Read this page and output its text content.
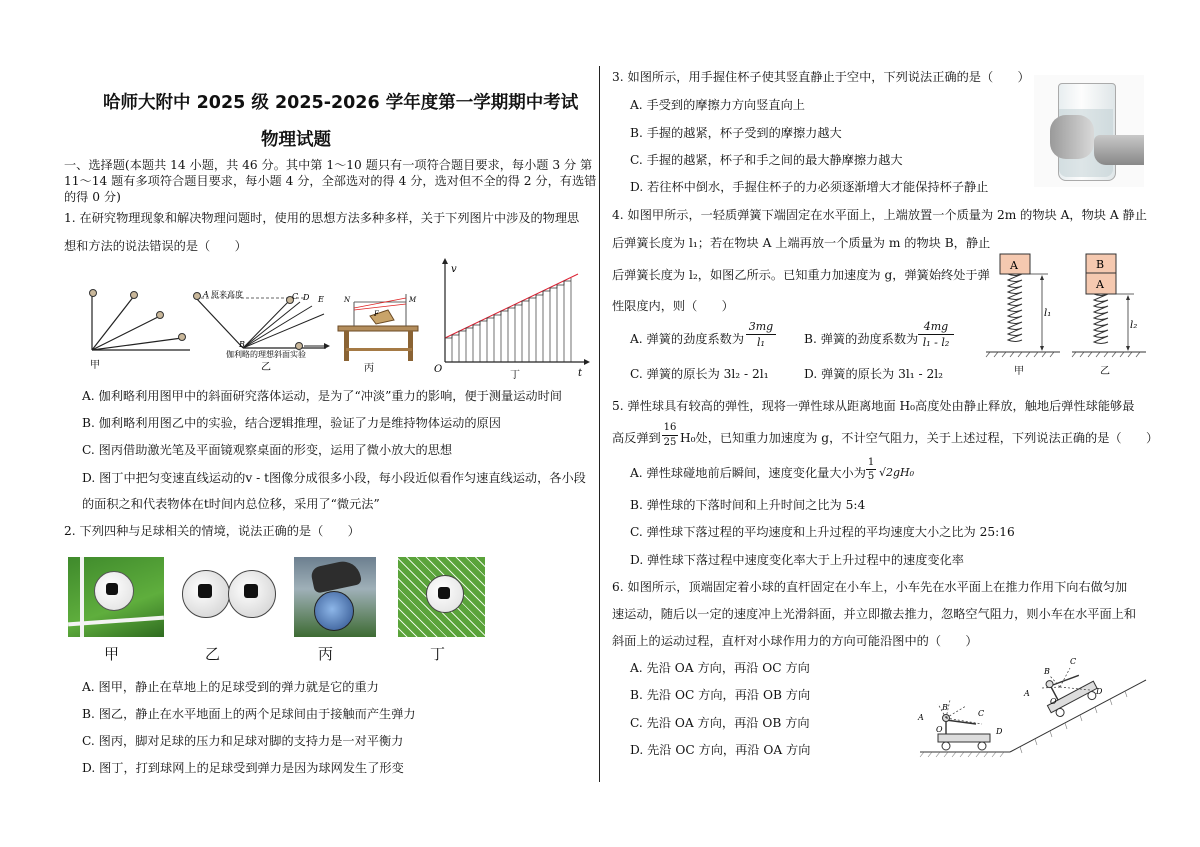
哈师大附中 2025 级 2025-2026 学年度第一学期期中考试
物理试题
一、选择题(本题共 14 小题，共 46 分。其中第 1～10 题只有一项符合题目要求，每小题 3 分 第
11～14 题有多项符合题目要求，每小题 4 分，全部选对的得 4 分，选对但不全的得 2 分，有选错
的得 0 分)
1. 在研究物理现象和解决物理问题时，使用的思想方法多种多样，关于下列图片中涉及的物理思
想和方法的说法错误的是（　　）
甲
A 原来高度
B
C D E
伽利略的理想斜面实验
乙
N	M
F
丙
v
t
O
丁
A. 伽利略利用图甲中的斜面研究落体运动，是为了“冲淡”重力的影响，便于测量运动时间
B. 伽利略利用图乙中的实验，结合逻辑推理，验证了力是维持物体运动的原因
C. 图丙借助激光笔及平面镜观察桌面的形变，运用了微小放大的思想
D. 图丁中把匀变速直线运动的v - t图像分成很多小段，每小段近似看作匀速直线运动，各小段
的面积之和代表物体在t时间内总位移，采用了“微元法”
2. 下列四种与足球相关的情境，说法正确的是（　　）
甲	乙	丙	丁
A. 图甲，静止在草地上的足球受到的弹力就是它的重力
B. 图乙，静止在水平地面上的两个足球间由于接触而产生弹力
C. 图丙，脚对足球的压力和足球对脚的支持力是一对平衡力
D. 图丁，打到球网上的足球受到弹力是因为球网发生了形变
3. 如图所示，用手握住杯子使其竖直静止于空中，下列说法正确的是（　　）
A. 手受到的摩擦力方向竖直向上
B. 手握的越紧，杯子受到的摩擦力越大
C. 手握的越紧，杯子和手之间的最大静摩擦力越大
D. 若往杯中倒水，手握住杯子的力必须逐渐增大才能保持杯子静止
4. 如图甲所示，一轻质弹簧下端固定在水平面上，上端放置一个质量为 2m 的物块 A，物块 A 静止
后弹簧长度为 l₁；若在物块 A 上端再放一个质量为 m 的物块 B，静止
后弹簧长度为 l₂，如图乙所示。已知重力加速度为 g，弹簧始终处于弹
性限度内，则（　　）
A. 弹簧的劲度系数为
3mg
l₁	B. 弹簧的劲度系数为
4mg
l₁ - l₂
C. 弹簧的原长为 3l₂ - 2l₁	D. 弹簧的原长为 3l₁ - 2l₂
A
l₁
甲
B
A
l₂
乙
5. 弹性球具有较高的弹性，现将一弹性球从距离地面 H₀高度处由静止释放，触地后弹性球能够最
高反弹到
16
25 H₀处，已知重力加速度为 g，不计空气阻力，关于上述过程，下列说法正确的是（　　）
A. 弹性球碰地前后瞬间，速度变化量大小为
1
5 √2gH₀
B. 弹性球的下落时间和上升时间之比为 5:4
C. 弹性球下落过程的平均速度和上升过程的平均速度大小之比为 25:16
D. 弹性球下落过程中速度变化率大于上升过程中的速度变化率
6. 如图所示，顶端固定着小球的直杆固定在小车上，小车先在水平面上在推力作用下向右做匀加
速运动，随后以一定的速度冲上光滑斜面，并立即撤去推力，忽略空气阻力，则小车在水平面上和
斜面上的运动过程，直杆对小球作用力的方向可能沿图中的（　　）
A. 先沿 OA 方向，再沿 OC 方向
B. 先沿 OC 方向，再沿 OB 方向
C. 先沿 OA 方向，再沿 OB 方向
D. 先沿 OC 方向，再沿 OA 方向
A
B
C
D
O
A
B
C
D
O
